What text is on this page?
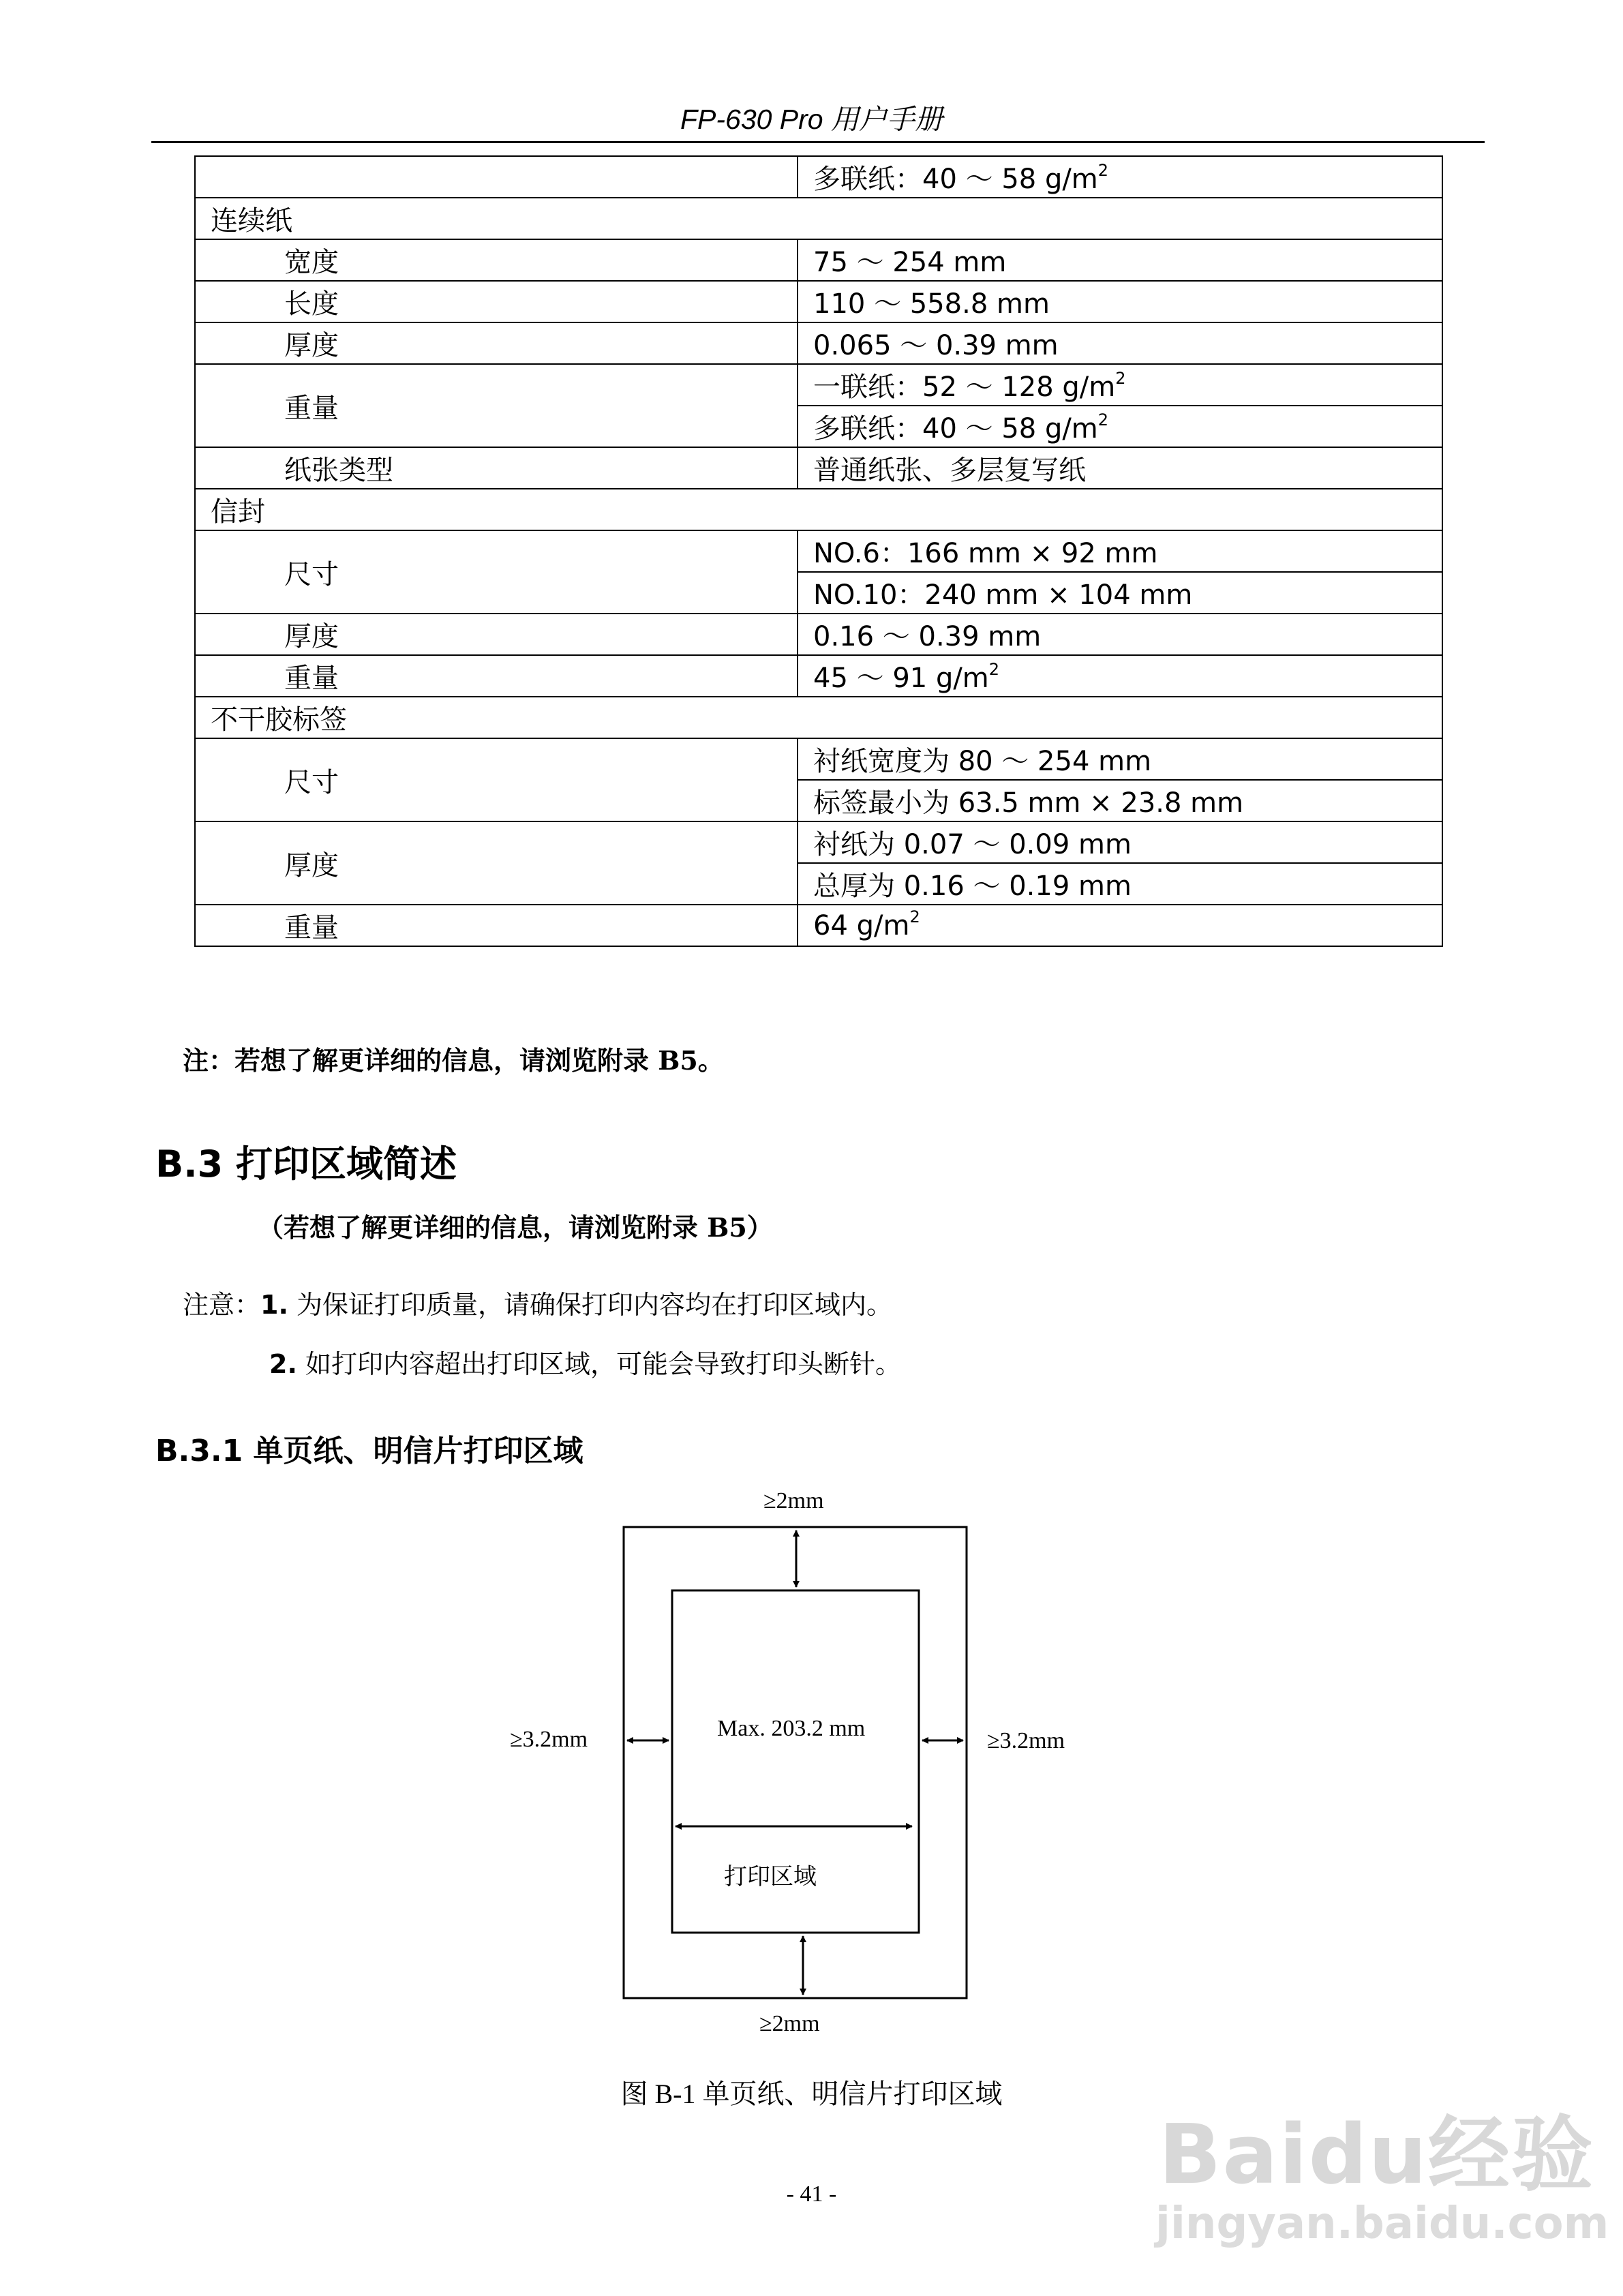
FP-630 Pro 用户手册
	多联纸：40 ～ 58 $g/m^2$
连续纸	
宽度	75 ～ 254 mm
长度	110 ～ 558.8 mm
厚度	0.065 ～ 0.39 mm
重量	一联纸：52 ～ 128 $g/m^2$
	多联纸：40 ～ 58 $g/m^2$
纸张类型	普通纸张、多层复写纸
信封	
尺寸	NO.6：166 mm × 92 mm
	NO.10：240 mm × 104 mm
厚度	0.16 ～ 0.39 mm
重量	45 ～ 91 $g/m^2$
不干胶标签	
尺寸	衬纸宽度为 80 ～ 254 mm
	标签最小为 63.5 mm × 23.8 mm
厚度	衬纸为 0.07 ～ 0.09 mm
	总厚为 0.16 ～ 0.19 mm
重量	64 $g/m^2$
注：若想了解更详细的信息，请浏览附录 B5。
B.3 打印区域简述
（若想了解更详细的信息，请浏览附录 B5）
注意：1. 为保证打印质量，请确保打印内容均在打印区域内。
2. 如打印内容超出打印区域，可能会导致打印头断针。
B.3.1 单页纸、明信片打印区域
≥2mm
≥2mm
≥3.2mm	≥3.2mm
Max. 203.2 mm
打印区域
图 B-1 单页纸、明信片打印区域
- 41 -	Baidu经验
jingyan.baidu.com
